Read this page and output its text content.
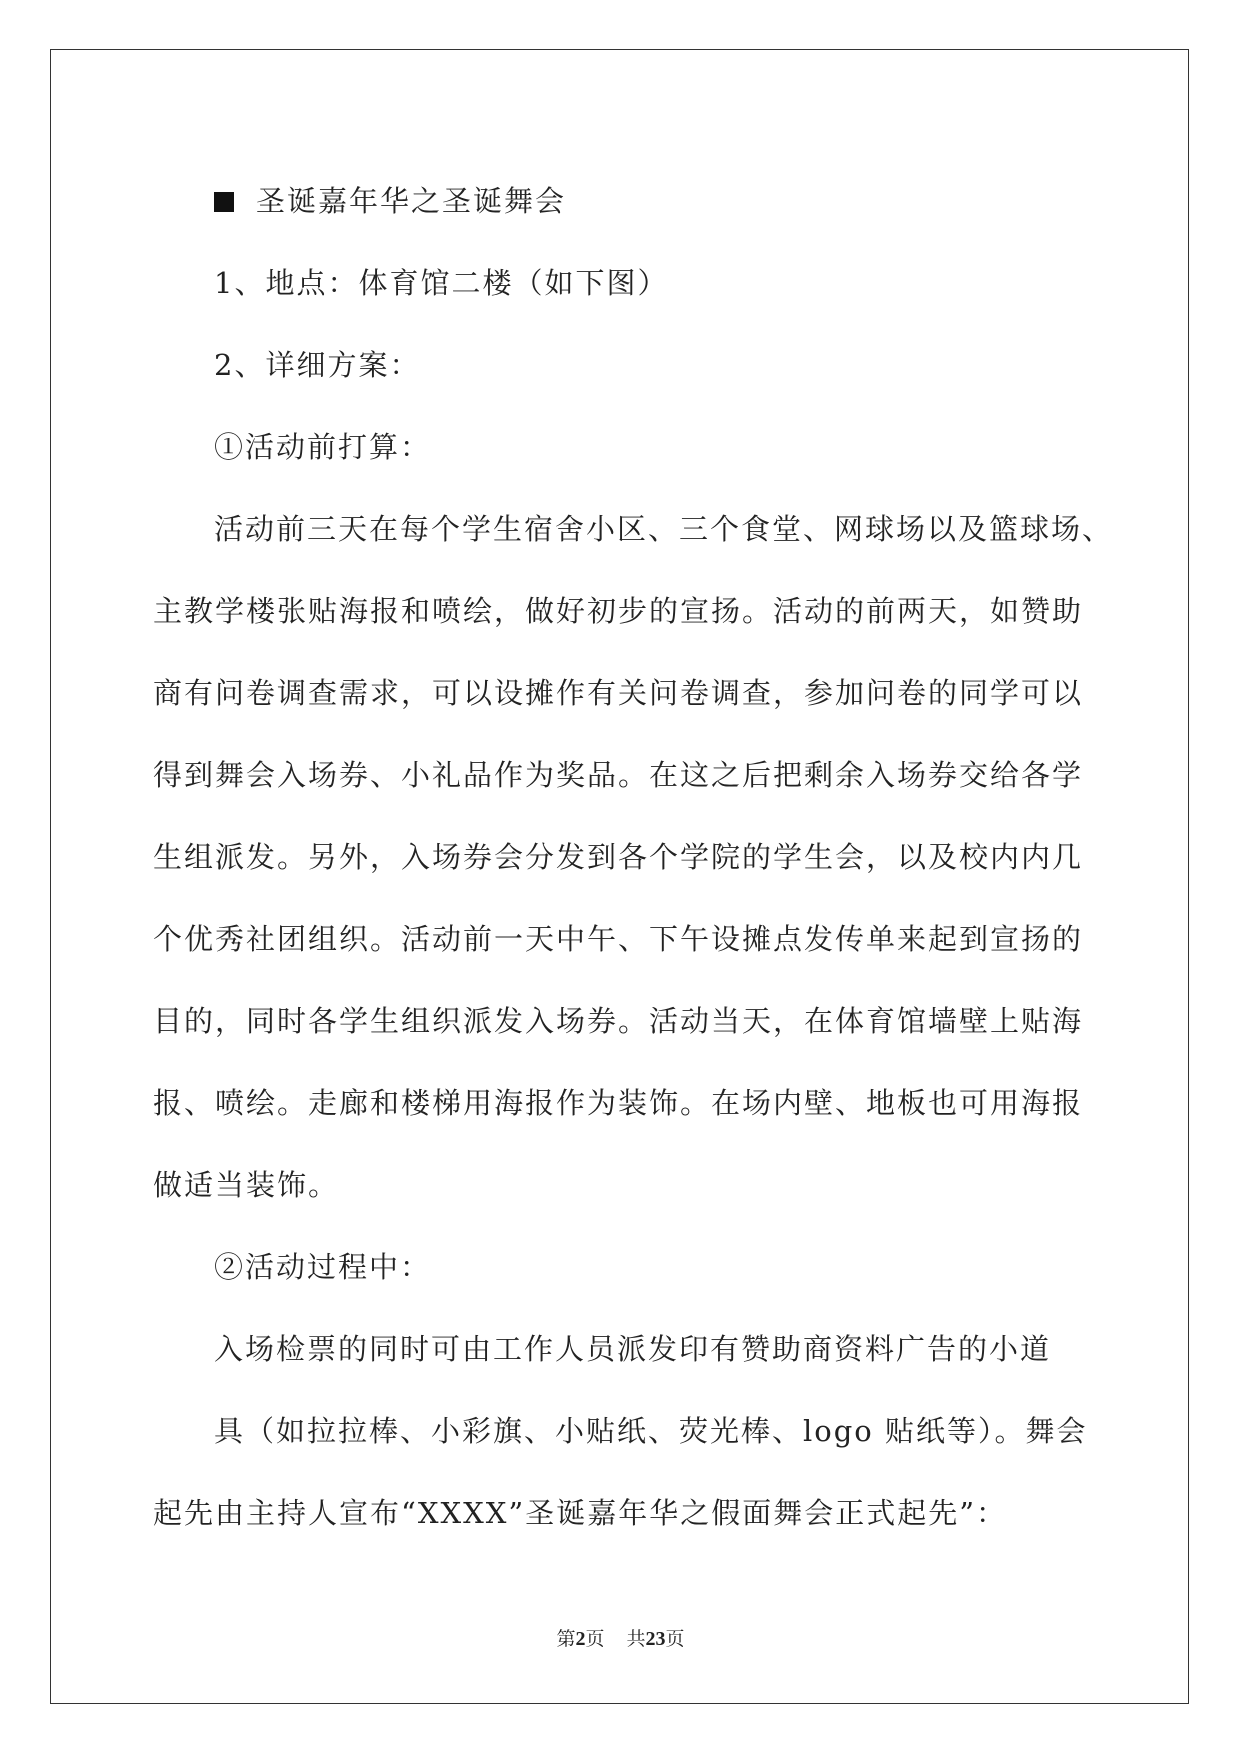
圣诞嘉年华之圣诞舞会
1、地点：体育馆二楼（如下图）
2、详细方案：
①活动前打算：
活动前三天在每个学生宿舍小区、三个食堂、网球场以及篮球场、
主教学楼张贴海报和喷绘，做好初步的宣扬。活动的前两天，如赞助
商有问卷调查需求，可以设摊作有关问卷调查，参加问卷的同学可以
得到舞会入场券、小礼品作为奖品。在这之后把剩余入场券交给各学
生组派发。另外，入场券会分发到各个学院的学生会，以及校内内几
个优秀社团组织。活动前一天中午、下午设摊点发传单来起到宣扬的
目的，同时各学生组织派发入场券。活动当天，在体育馆墙壁上贴海
报、喷绘。走廊和楼梯用海报作为装饰。在场内壁、地板也可用海报
做适当装饰。
②活动过程中：
入场检票的同时可由工作人员派发印有赞助商资料广告的小道
具（如拉拉棒、小彩旗、小贴纸、荧光棒、logo 贴纸等）。舞会
起先由主持人宣布“XXXX”圣诞嘉年华之假面舞会正式起先”：
第2页 共23页
